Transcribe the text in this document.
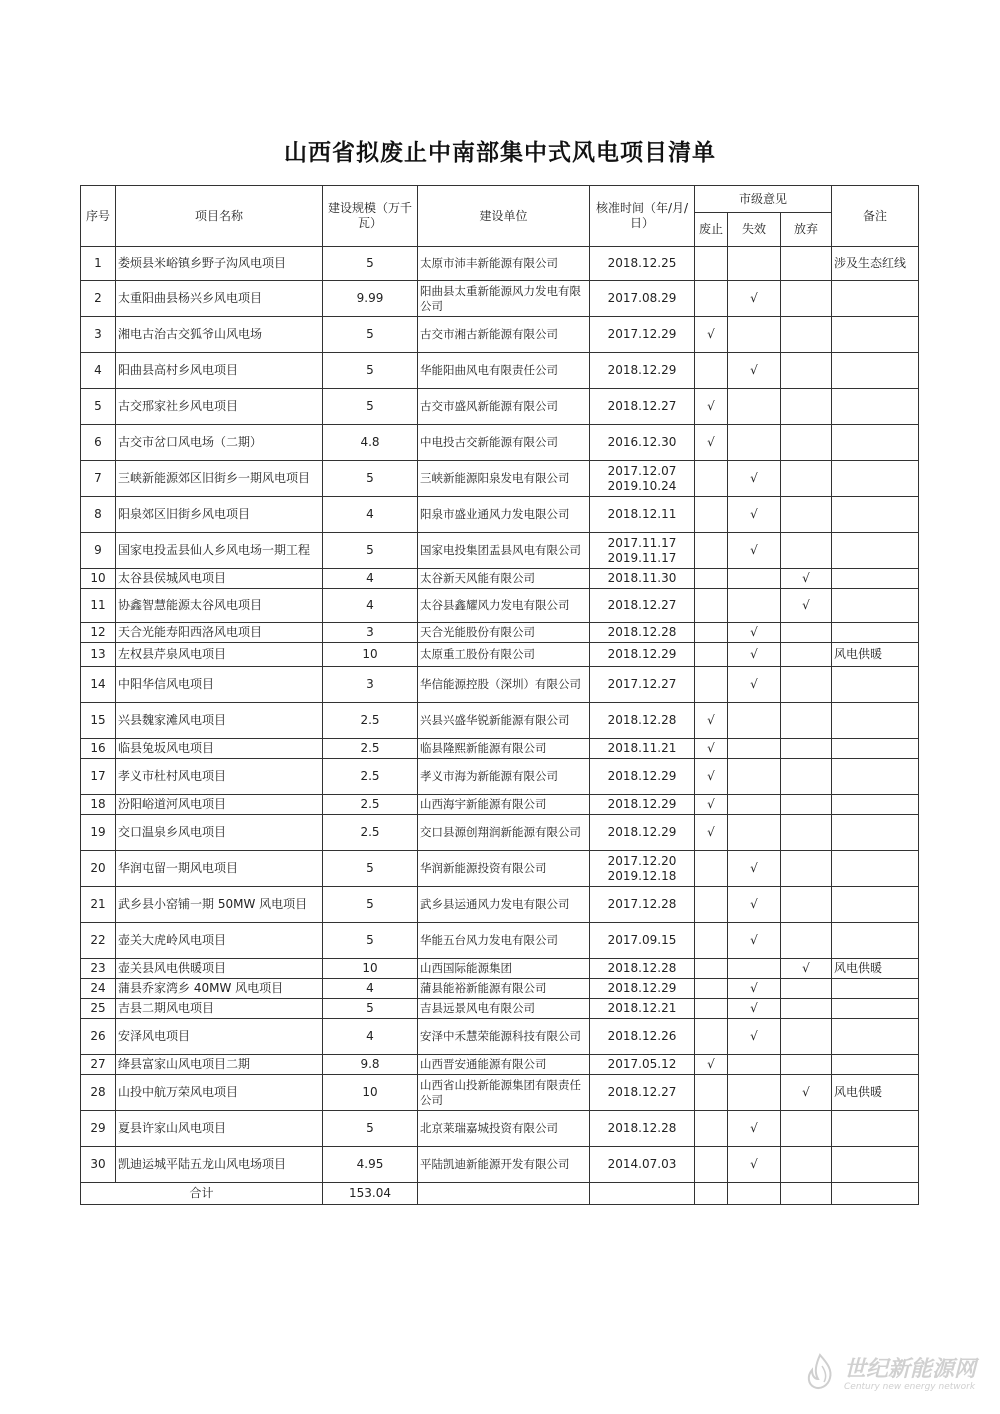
山西省拟废止中南部集中式风电项目清单
序号	项目名称	建设规模（万千瓦）	建设单位	核准时间（年/月/日）	市级意见			备注
					废止	失效	放弃	
1	娄烦县米峪镇乡野子沟风电项目	5	太原市沛丰新能源有限公司	2018.12.25				涉及生态红线
2	太重阳曲县杨兴乡风电项目	9.99	阳曲县太重新能源风力发电有限公司	2017.08.29		√		
3	湘电古治古交狐爷山风电场	5	古交市湘古新能源有限公司	2017.12.29	√			
4	阳曲县高村乡风电项目	5	华能阳曲风电有限责任公司	2018.12.29		√		
5	古交邢家社乡风电项目	5	古交市盛风新能源有限公司	2018.12.27	√			
6	古交市岔口风电场（二期）	4.8	中电投古交新能源有限公司	2016.12.30	√			
7	三峡新能源郊区旧街乡一期风电项目	5	三峡新能源阳泉发电有限公司	2017.12.07 2019.10.24		√		
8	阳泉郊区旧街乡风电项目	4	阳泉市盛业通风力发电限公司	2018.12.11		√		
9	国家电投盂县仙人乡风电场一期工程	5	国家电投集团盂县风电有限公司	2017.11.17 2019.11.17		√		
10	太谷县侯城风电项目	4	太谷新天风能有限公司	2018.11.30			√	
11	协鑫智慧能源太谷风电项目	4	太谷县鑫耀风力发电有限公司	2018.12.27			√	
12	天合光能寿阳西洛风电项目	3	天合光能股份有限公司	2018.12.28		√		
13	左权县芹泉风电项目	10	太原重工股份有限公司	2018.12.29		√		风电供暖
14	中阳华信风电项目	3	华信能源控股（深圳）有限公司	2017.12.27		√		
15	兴县魏家滩风电项目	2.5	兴县兴盛华锐新能源有限公司	2018.12.28	√			
16	临县兔坂风电项目	2.5	临县隆熙新能源有限公司	2018.11.21	√			
17	孝义市杜村风电项目	2.5	孝义市海为新能源有限公司	2018.12.29	√			
18	汾阳峪道河风电项目	2.5	山西海宇新能源有限公司	2018.12.29	√			
19	交口温泉乡风电项目	2.5	交口县源创翔润新能源有限公司	2018.12.29	√			
20	华润屯留一期风电项目	5	华润新能源投资有限公司	2017.12.20 2019.12.18		√		
21	武乡县小窑铺一期 50MW 风电项目	5	武乡县运通风力发电有限公司	2017.12.28		√		
22	壶关大虎岭风电项目	5	华能五台风力发电有限公司	2017.09.15		√		
23	壶关县风电供暖项目	10	山西国际能源集团	2018.12.28			√	风电供暖
24	蒲县乔家湾乡 40MW 风电项目	4	蒲县能裕新能源有限公司	2018.12.29		√		
25	吉县二期风电项目	5	吉县远景风电有限公司	2018.12.21		√		
26	安泽风电项目	4	安泽中禾慧荣能源科技有限公司	2018.12.26		√		
27	绛县富家山风电项目二期	9.8	山西晋安通能源有限公司	2017.05.12	√			
28	山投中航万荣风电项目	10	山西省山投新能源集团有限责任公司	2018.12.27			√	风电供暖
29	夏县许家山风电项目	5	北京莱瑞嘉城投资有限公司	2018.12.28		√		
30	凯迪运城平陆五龙山风电场项目	4.95	平陆凯迪新能源开发有限公司	2014.07.03		√		
合计		153.04						
世纪新能源网
Century new energy network
